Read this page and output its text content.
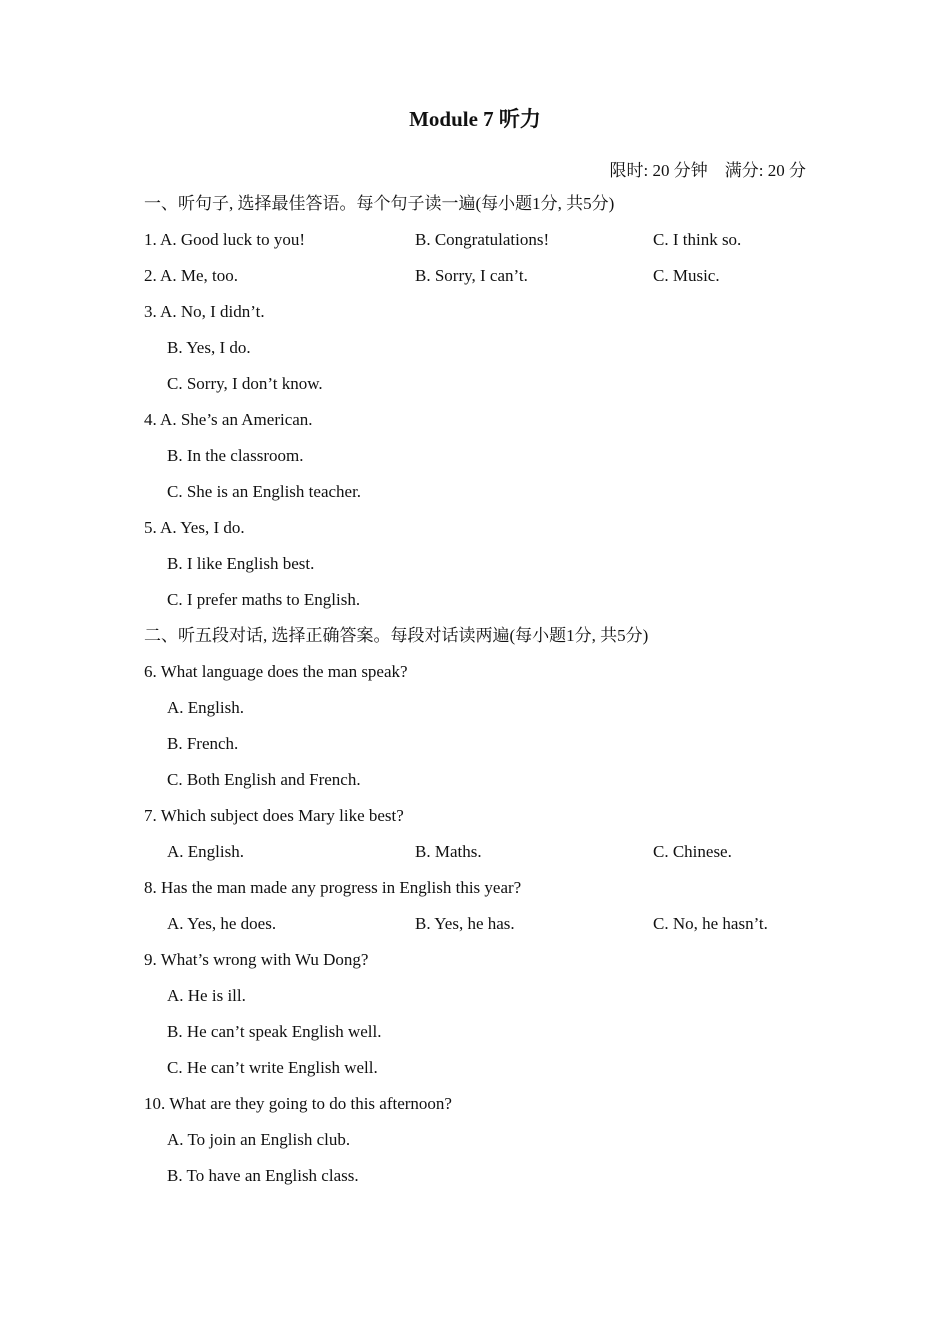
Module 7 听力
限时: 20 分钟 满分: 20 分
一、听句子, 选择最佳答语。每个句子读一遍(每小题1分, 共5分)
1. A. Good luck to you!	B. Congratulations!	C. I think so.
2. A. Me, too.	B. Sorry, I can’t.	C. Music.
3. A. No, I didn’t.
B. Yes, I do.
C. Sorry, I don’t know.
4. A. She’s an American.
B. In the classroom.
C. She is an English teacher.
5. A. Yes, I do.
B. I like English best.
C. I prefer maths to English.
二、听五段对话, 选择正确答案。每段对话读两遍(每小题1分, 共5分)
6. What language does the man speak?
A. English.
B. French.
C. Both English and French.
7. Which subject does Mary like best?
A. English.	B. Maths.	C. Chinese.
8. Has the man made any progress in English this year?
A. Yes, he does.	B. Yes, he has.	C. No, he hasn’t.
9. What’s wrong with Wu Dong?
A. He is ill.
B. He can’t speak English well.
C. He can’t write English well.
10. What are they going to do this afternoon?
A. To join an English club.
B. To have an English class.
